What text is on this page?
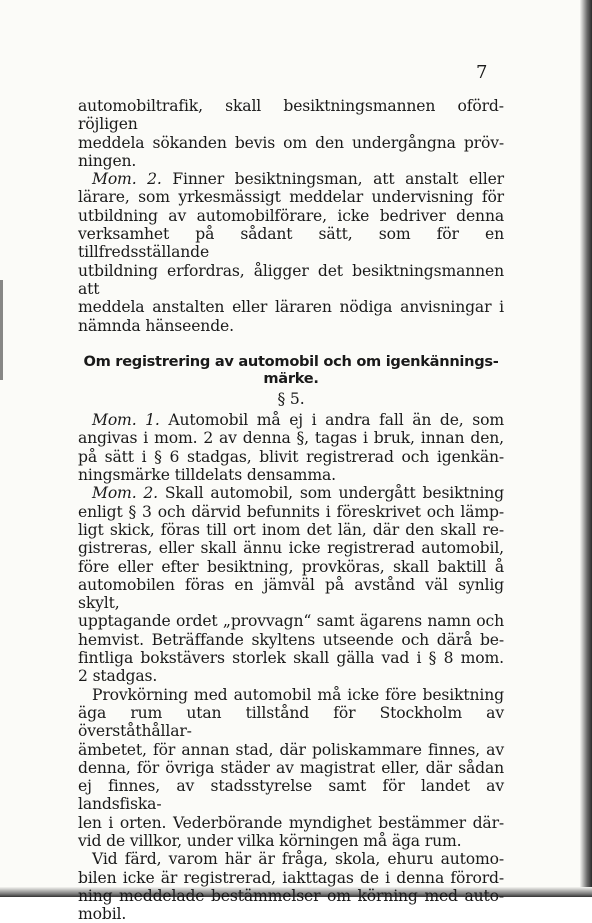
7

automobiltrafik, skall besiktningsmannen ofördröjligen

meddela sökanden bevis om den undergångna pröv-

ningen.

Mom. 2. Finner besiktningsman, att anstalt eller

lärare, som yrkesmässigt meddelar undervisning för

utbildning av automobilförare, icke bedriver denna

verksamhet på sådant sätt, som för en tillfredsställande

utbildning erfordras, åligger det besiktningsmannen att

meddela anstalten eller läraren nödiga anvisningar i

nämnda hänseende.

Om registrering av automobil och om igenkännings-
märke.
§ 5.

Mom. 1. Automobil må ej i andra fall än de, som

angivas i mom. 2 av denna §, tagas i bruk, innan den,

på sätt i § 6 stadgas, blivit registrerad och igenkän-

ningsmärke tilldelats densamma.

Mom. 2. Skall automobil, som undergått besiktning

enligt § 3 och därvid befunnits i föreskrivet och lämp-

ligt skick, föras till ort inom det län, där den skall re-

gistreras, eller skall ännu icke registrerad automobil,

före eller efter besiktning, provköras, skall baktill å

automobilen föras en jämväl på avstånd väl synlig skylt,

upptagande ordet „provvagn“ samt ägarens namn och

hemvist. Beträffande skyltens utseende och därå be-

fintliga bokstävers storlek skall gälla vad i § 8 mom.

2 stadgas.

Provkörning med automobil må icke före besiktning

äga rum utan tillstånd för Stockholm av överståthållar-

ämbetet, för annan stad, där poliskammare finnes, av

denna, för övriga städer av magistrat eller, där sådan

ej finnes, av stadsstyrelse samt för landet av landsfiska-

len i orten. Vederbörande myndighet bestämmer där-

vid de villkor, under vilka körningen må äga rum.

Vid färd, varom här är fråga, skola, ehuru automo-

bilen icke är registrerad, iakttagas de i denna förord-

ning meddelade bestämmelser om körning med auto-

mobil.
